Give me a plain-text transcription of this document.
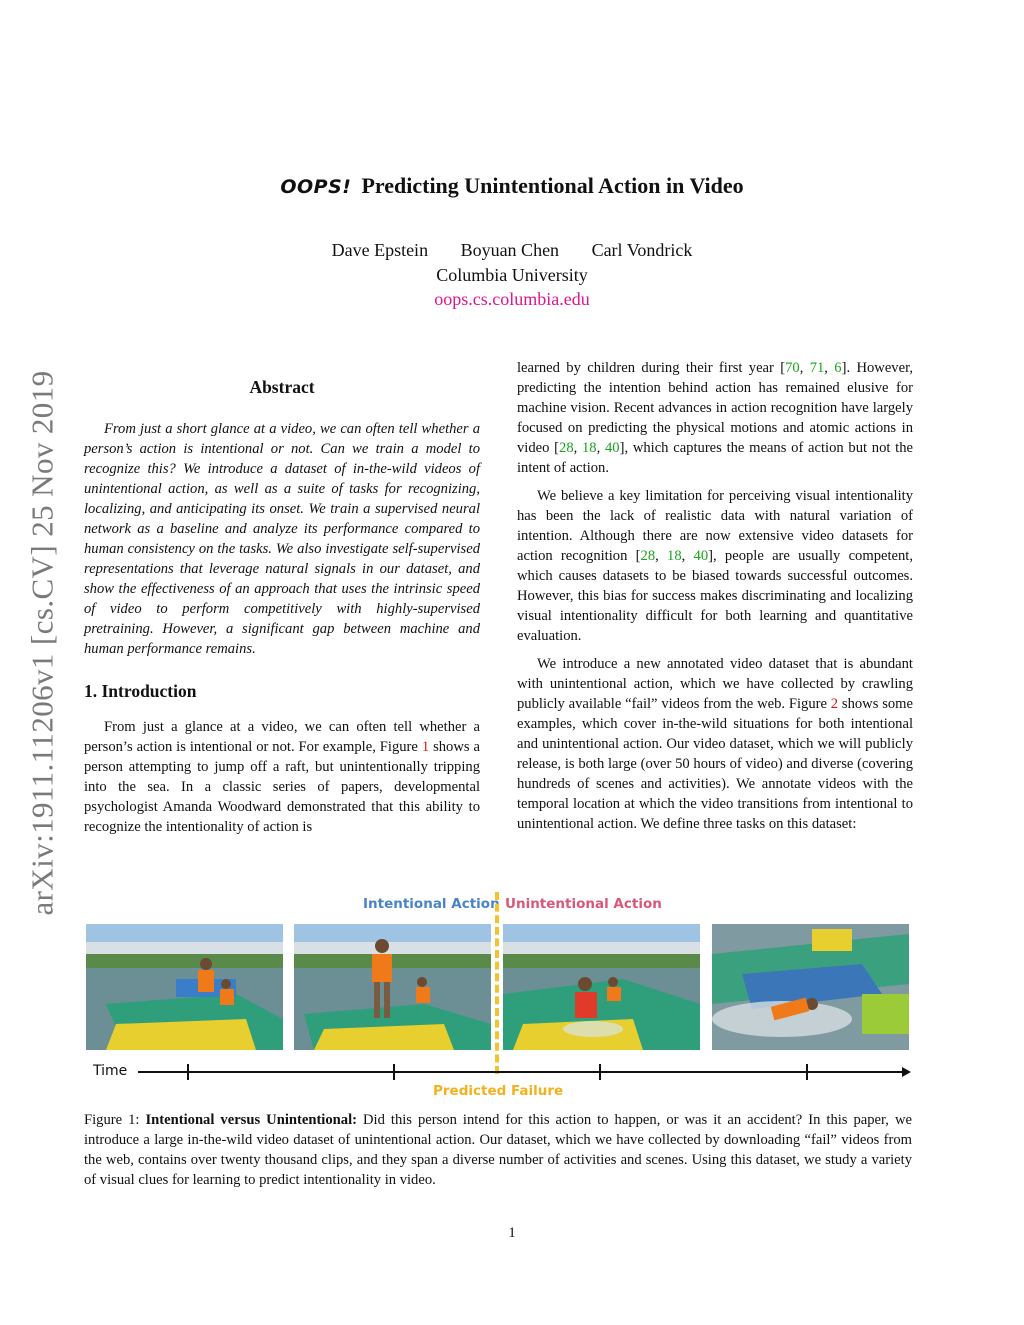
arXiv:1911.11206v1 [cs.CV] 25 Nov 2019
OOPS! Predicting Unintentional Action in Video
Dave Epstein Boyuan Chen Carl Vondrick
Columbia University
oops.cs.columbia.edu
Abstract

From just a short glance at a video, we can often tell whether a person’s action is intentional or not. Can we train a model to recognize this? We introduce a dataset of in-the-wild videos of unintentional action, as well as a suite of tasks for recognizing, localizing, and anticipating its onset. We train a supervised neural network as a baseline and analyze its performance compared to human consistency on the tasks. We also investigate self-supervised representations that leverage natural signals in our dataset, and show the effectiveness of an approach that uses the intrinsic speed of video to perform competitively with highly-supervised pretraining. However, a significant gap between machine and human performance remains.

1. Introduction

From just a glance at a video, we can often tell whether a person’s action is intentional or not. For example, Figure 1 shows a person attempting to jump off a raft, but unintentionally tripping into the sea. In a classic series of papers, developmental psychologist Amanda Woodward demonstrated that this ability to recognize the intentionality of action is

learned by children during their first year [70, 71, 6]. However, predicting the intention behind action has remained elusive for machine vision. Recent advances in action recognition have largely focused on predicting the physical motions and atomic actions in video [28, 18, 40], which captures the means of action but not the intent of action.

We believe a key limitation for perceiving visual intentionality has been the lack of realistic data with natural variation of intention. Although there are now extensive video datasets for action recognition [28, 18, 40], people are usually competent, which causes datasets to be biased towards successful outcomes. However, this bias for success makes discriminating and localizing visual intentionality difficult for both learning and quantitative evaluation.

We introduce a new annotated video dataset that is abundant with unintentional action, which we have collected by crawling publicly available “fail” videos from the web. Figure 2 shows some examples, which cover in-the-wild situations for both intentional and unintentional action. Our video dataset, which we will publicly release, is both large (over 50 hours of video) and diverse (covering hundreds of scenes and activities). We annotate videos with the temporal location at which the video transitions from intentional to unintentional action. We define three tasks on this dataset:

Intentional Action Unintentional Action
Time
Predicted Failure
Figure 1: Intentional versus Unintentional: Did this person intend for this action to happen, or was it an accident? In this paper, we introduce a large in-the-wild video dataset of unintentional action. Our dataset, which we have collected by downloading “fail” videos from the web, contains over twenty thousand clips, and they span a diverse number of activities and scenes. Using this dataset, we study a variety of visual clues for learning to predict intentionality in video.
1
